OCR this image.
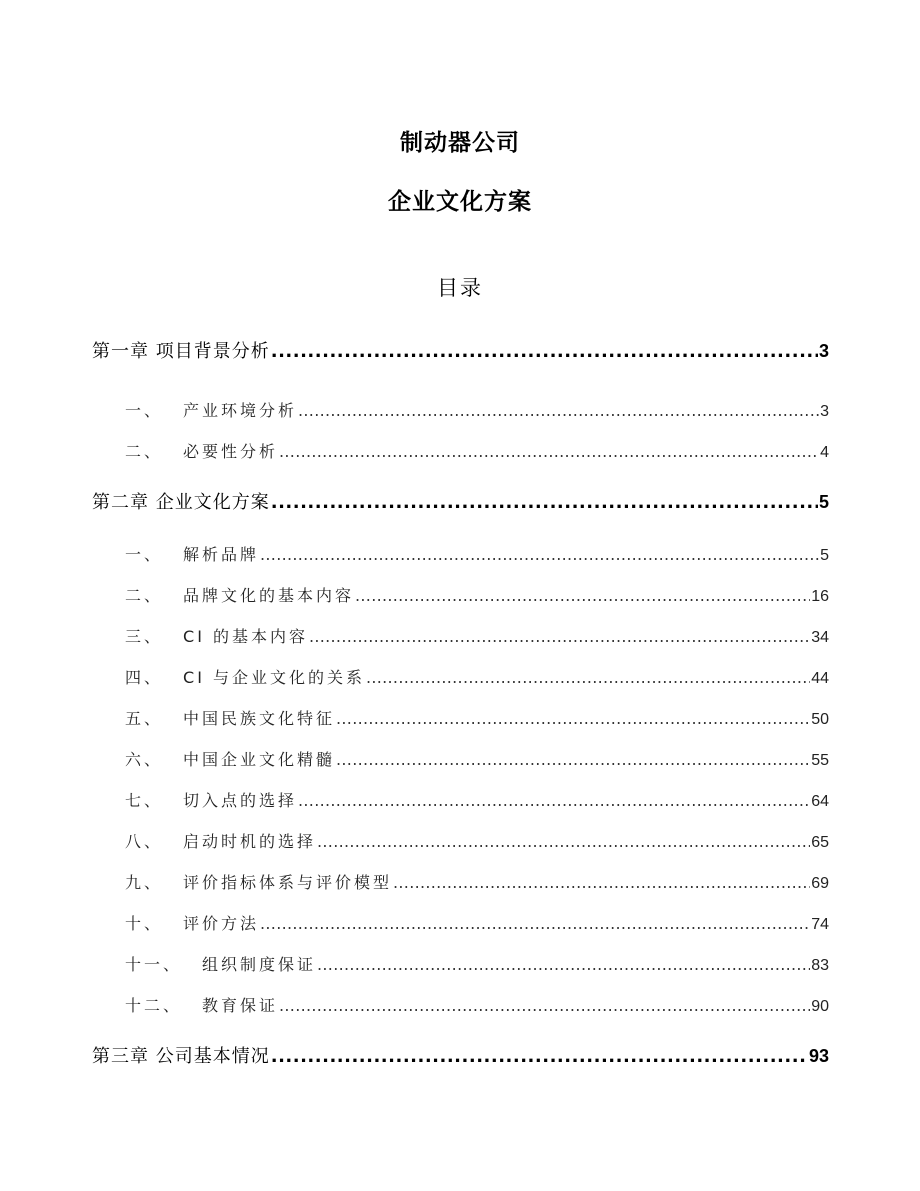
制动器公司
企业文化方案
目录
第一章 项目背景分析 .....	3
一、 产业环境分析 .....	3
二、 必要性分析 .....	4
第二章 企业文化方案 .....	5
一、 解析品牌 .....	5
二、 品牌文化的基本内容 .....	16
三、 CI 的基本内容 .....	34
四、 CI 与企业文化的关系 .....	44
五、 中国民族文化特征 .....	50
六、 中国企业文化精髓 .....	55
七、 切入点的选择 .....	64
八、 启动时机的选择 .....	65
九、 评价指标体系与评价模型 .....	69
十、 评价方法 .....	74
十一、 组织制度保证 .....	83
十二、 教育保证 .....	90
第三章 公司基本情况 .....	93
